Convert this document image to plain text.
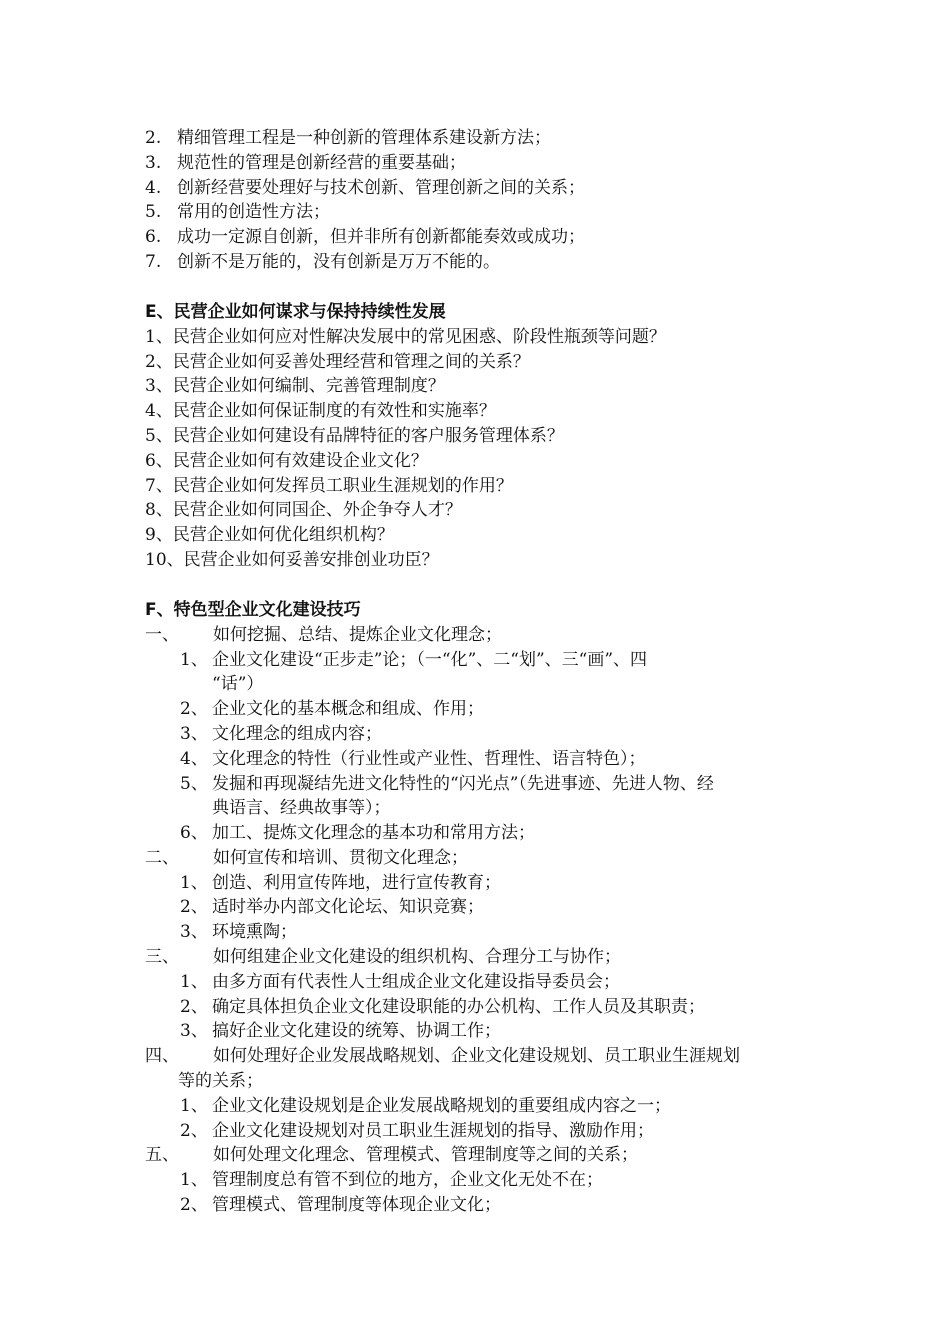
2. 精细管理工程是一种创新的管理体系建设新方法；
3. 规范性的管理是创新经营的重要基础；
4. 创新经营要处理好与技术创新、管理创新之间的关系；
5. 常用的创造性方法；
6. 成功一定源自创新，但并非所有创新都能奏效或成功；
7. 创新不是万能的，没有创新是万万不能的。
E、民营企业如何谋求与保持持续性发展
1、民营企业如何应对性解决发展中的常见困惑、阶段性瓶颈等问题？
2、民营企业如何妥善处理经营和管理之间的关系？
3、民营企业如何编制、完善管理制度？
4、民营企业如何保证制度的有效性和实施率？
5、民营企业如何建设有品牌特征的客户服务管理体系？
6、民营企业如何有效建设企业文化？
7、民营企业如何发挥员工职业生涯规划的作用？
8、民营企业如何同国企、外企争夺人才？
9、民营企业如何优化组织机构？
10、民营企业如何妥善安排创业功臣？
F、特色型企业文化建设技巧
一、 如何挖掘、总结、提炼企业文化理念；
1、 企业文化建设“正步走”论；（一“化”、二“划”、三“画”、四
“话”）
2、 企业文化的基本概念和组成、作用；
3、 文化理念的组成内容；
4、 文化理念的特性（行业性或产业性、哲理性、语言特色）；
5、 发掘和再现凝结先进文化特性的“闪光点”（先进事迹、先进人物、经
典语言、经典故事等）；
6、 加工、提炼文化理念的基本功和常用方法；
二、 如何宣传和培训、贯彻文化理念；
1、 创造、利用宣传阵地，进行宣传教育；
2、 适时举办内部文化论坛、知识竞赛；
3、 环境熏陶；
三、 如何组建企业文化建设的组织机构、合理分工与协作；
1、 由多方面有代表性人士组成企业文化建设指导委员会；
2、 确定具体担负企业文化建设职能的办公机构、工作人员及其职责；
3、 搞好企业文化建设的统筹、协调工作；
四、 如何处理好企业发展战略规划、企业文化建设规划、员工职业生涯规划
等的关系；
1、 企业文化建设规划是企业发展战略规划的重要组成内容之一；
2、 企业文化建设规划对员工职业生涯规划的指导、激励作用；
五、 如何处理文化理念、管理模式、管理制度等之间的关系；
1、 管理制度总有管不到位的地方，企业文化无处不在；
2、 管理模式、管理制度等体现企业文化；
